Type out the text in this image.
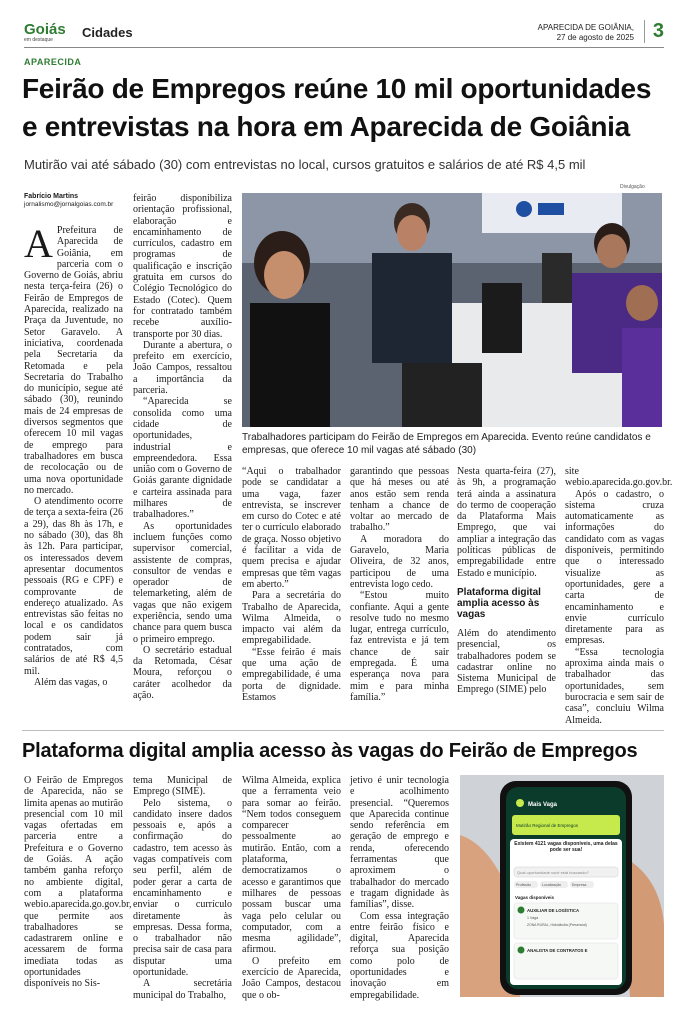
Goiás
em destaque	Cidades	APARECIDA DE GOIÂNIA,
27 de agosto de 2025 3
APARECIDA
Feirão de Empregos reúne 10 mil oportunidades e entrevistas na hora em Aparecida de Goiânia
Mutirão vai até sábado (30) com entrevistas no local, cursos gratuitos e salários de até R$ 4,5 mil
Fabrício Martins
jornalismo@jornalgoias.com.br

A Prefeitura de Aparecida de Goiânia, em parceria com o Governo de Goiás, abriu nesta terça-feira (26) o Feirão de Empregos de Aparecida, realizado na Praça da Juventude, no Setor Garavelo. A iniciativa, coordenada pela Secretaria da Retomada e pela Secretaria do Trabalho do município, segue até sábado (30), reunindo mais de 24 empresas de diversos segmentos que oferecem 10 mil vagas de emprego para trabalhadores em busca de recolocação ou de uma nova oportunidade no mercado.

O atendimento ocorre de terça a sexta-feira (26 a 29), das 8h às 17h, e no sábado (30), das 8h às 12h. Para participar, os interessados devem apresentar documentos pessoais (RG e CPF) e comprovante de endereço atualizado. As entrevistas são feitas no local e os candidatos podem sair já contratados, com salários de até R$ 4,5 mil.

Além das vagas, o

feirão disponibiliza orientação profissional, elaboração e encaminhamento de currículos, cadastro em programas de qualificação e inscrição gratuita em cursos do Colégio Tecnológico do Estado (Cotec). Quem for contratado também recebe auxílio-transporte por 30 dias.

Durante a abertura, o prefeito em exercício, João Campos, ressaltou a importância da parceria.

“Aparecida se consolida como uma cidade de oportunidades, industrial e empreendedora. Essa união com o Governo de Goiás garante dignidade e carteira assinada para milhares de trabalhadores.”

As oportunidades incluem funções como supervisor comercial, assistente de compras, consultor de vendas e operador de telemarketing, além de vagas que não exigem experiência, sendo uma chance para quem busca o primeiro emprego.

O secretário estadual da Retomada, César Moura, reforçou o caráter acolhedor da ação.

Divulgação
Trabalhadores participam do Feirão de Empregos em Aparecida. Evento reúne candidatos e empresas, que oferece 10 mil vagas até sábado (30)

“Aqui o trabalhador pode se candidatar a uma vaga, fazer entrevista, se inscrever em curso do Cotec e até ter o currículo elaborado de graça. Nosso objetivo é facilitar a vida de quem precisa e ajudar empresas que têm vagas em aberto.”

Para a secretária do Trabalho de Aparecida, Wilma Almeida, o impacto vai além da empregabilidade.

“Esse feirão é mais que uma ação de empregabilidade, é uma porta de dignidade. Estamos

garantindo que pessoas que há meses ou até anos estão sem renda tenham a chance de voltar ao mercado de trabalho.”

A moradora do Garavelo, Maria Oliveira, de 32 anos, participou de uma entrevista logo cedo.

“Estou muito confiante. Aqui a gente resolve tudo no mesmo lugar, entrega currículo, faz entrevista e já tem chance de sair empregada. É uma esperança nova para mim e para minha família.”

Nesta quarta-feira (27), às 9h, a programação terá ainda a assinatura do termo de cooperação da Plataforma Mais Emprego, que vai ampliar a integração das políticas públicas de empregabilidade entre Estado e município.

Plataforma digital amplia acesso às vagas

Além do atendimento presencial, os trabalhadores podem se cadastrar online no Sistema Municipal de Emprego (SIME) pelo

site webio.aparecida.go.gov.br.

Após o cadastro, o sistema cruza automaticamente as informações do candidato com as vagas disponíveis, permitindo que o interessado visualize as oportunidades, gere a carta de encaminhamento e envie currículo diretamente para as empresas.

“Essa tecnologia aproxima ainda mais o trabalhador das oportunidades, sem burocracia e sem sair de casa”, concluiu Wilma Almeida.

Plataforma digital amplia acesso às vagas do Feirão de Empregos

O Feirão de Empregos de Aparecida, não se limita apenas ao mutirão presencial com 10 mil vagas ofertadas em parceria entre a Prefeitura e o Governo de Goiás. A ação também ganha reforço no ambiente digital, com a plataforma webio.aparecida.go.gov.br, que permite aos trabalhadores se cadastrarem online e acessarem de forma imediata todas as oportunidades disponíveis no Sis-

tema Municipal de Emprego (SIME).

Pelo sistema, o candidato insere dados pessoais e, após a confirmação do cadastro, tem acesso às vagas compatíveis com seu perfil, além de poder gerar a carta de encaminhamento e enviar o currículo diretamente às empresas. Dessa forma, o trabalhador não precisa sair de casa para disputar uma oportunidade.

A secretária municipal do Trabalho,

Wilma Almeida, explica que a ferramenta veio para somar ao feirão. “Nem todos conseguem comparecer pessoalmente ao mutirão. Então, com a plataforma, democratizamos o acesso e garantimos que milhares de pessoas possam buscar uma vaga pelo celular ou computador, com a mesma agilidade”, afirmou.

O prefeito em exercício de Aparecida, João Campos, destacou que o ob-

jetivo é unir tecnologia e acolhimento presencial. “Queremos que Aparecida continue sendo referência em geração de emprego e renda, oferecendo ferramentas que aproximem o trabalhador do mercado e tragam dignidade às famílias”, disse.

Com essa integração entre feirão físico e digital, Aparecida reforça sua posição como polo de oportunidades e inovação em empregabilidade.

Mais Vaga
Mutirão Regional de Empregos
Existem 4121 vagas disponíveis, uma delas pode ser sua!
Qual oportunidade você está buscando?
Profissão	Localização	Empresa
Vagas disponíveis
AUXILIAR DE LOGÍSTICA
1 Vaga
ZONA RURAL, Hidrolândia (Presencial)
ANALISTA DE CONTRATOS E
